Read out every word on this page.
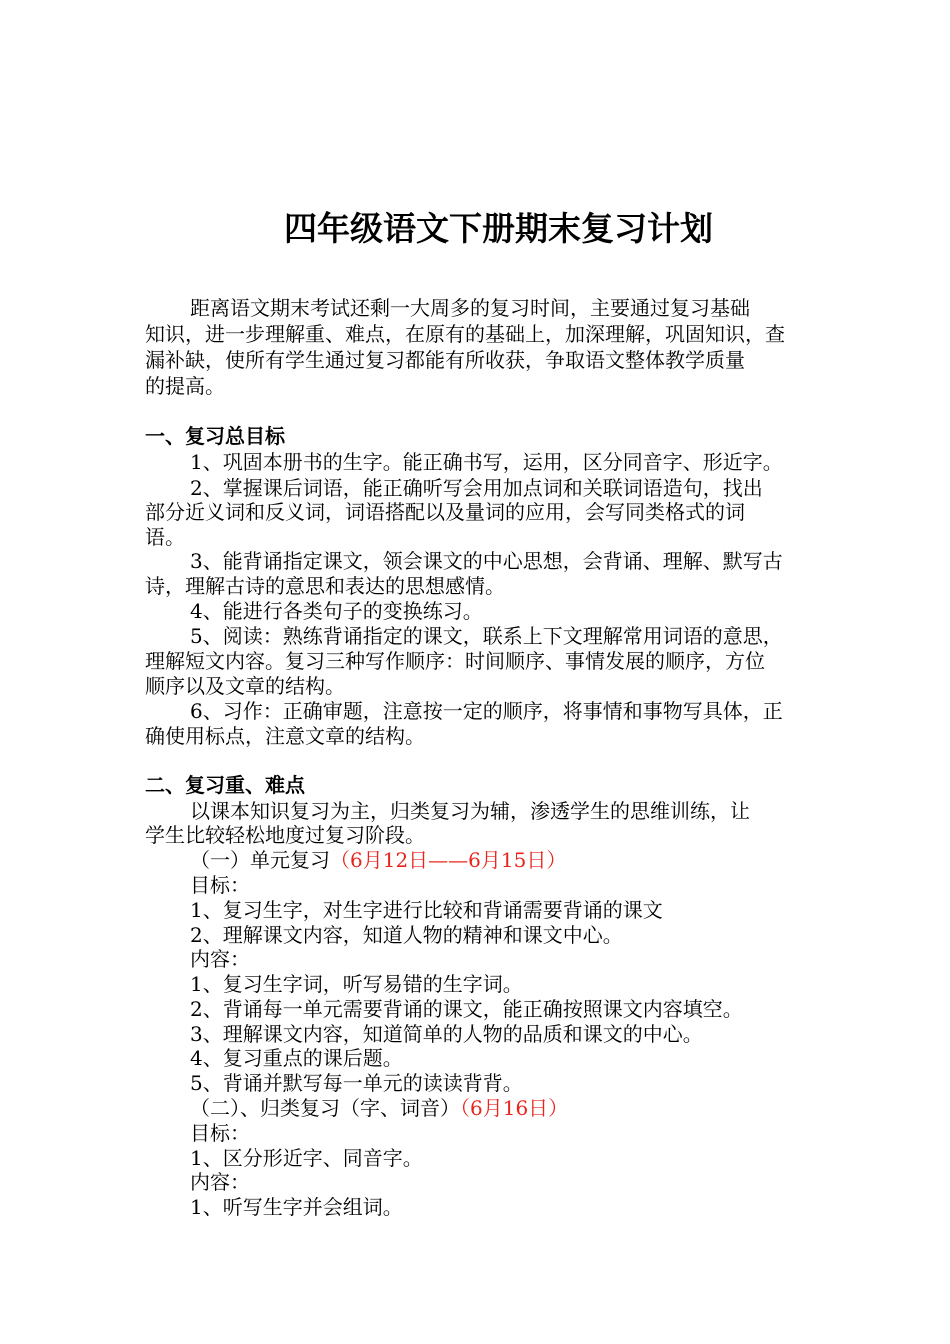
四年级语文下册期末复习计划
距离语文期末考试还剩一大周多的复习时间，主要通过复习基础
知识，进一步理解重、难点，在原有的基础上，加深理解，巩固知识，查
漏补缺，使所有学生通过复习都能有所收获，争取语文整体教学质量
的提高。
一、复习总目标
1、巩固本册书的生字。能正确书写，运用，区分同音字、形近字。
2、掌握课后词语，能正确听写会用加点词和关联词语造句，找出
部分近义词和反义词，词语搭配以及量词的应用，会写同类格式的词
语。
3、能背诵指定课文，领会课文的中心思想，会背诵、理解、默写古
诗，理解古诗的意思和表达的思想感情。
4、能进行各类句子的变换练习。
5、阅读：熟练背诵指定的课文，联系上下文理解常用词语的意思，
理解短文内容。复习三种写作顺序：时间顺序、事情发展的顺序，方位
顺序以及文章的结构。
6、习作：正确审题，注意按一定的顺序，将事情和事物写具体，正
确使用标点，注意文章的结构。
二、复习重、难点
以课本知识复习为主，归类复习为辅，渗透学生的思维训练，让
学生比较轻松地度过复习阶段。
（一）单元复习（6月12日——6月15日）
目标：
1、复习生字，对生字进行比较和背诵需要背诵的课文
2、理解课文内容，知道人物的精神和课文中心。
内容：
1、复习生字词，听写易错的生字词。
2、背诵每一单元需要背诵的课文，能正确按照课文内容填空。
3、理解课文内容，知道简单的人物的品质和课文的中心。
4、复习重点的课后题。
5、背诵并默写每一单元的读读背背。
（二）、归类复习（字、词音）（6月16日）
目标：
1、区分形近字、同音字。
内容：
1、听写生字并会组词。
